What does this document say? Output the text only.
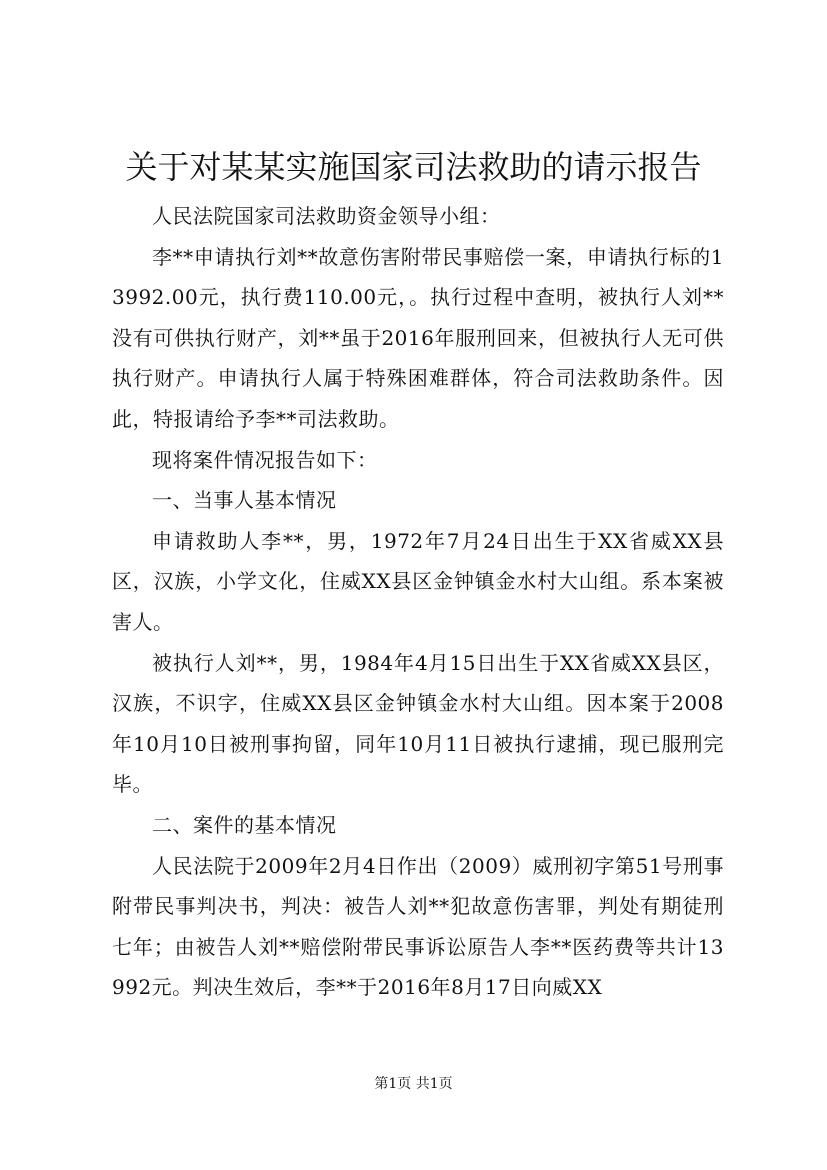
关于对某某实施国家司法救助的请示报告

人民法院国家司法救助资金领导小组：

李**申请执行刘**故意伤害附带民事赔偿一案，申请执行标的13992.00元，执行费110.00元，。执行过程中查明，被执行人刘**没有可供执行财产，刘**虽于2016年服刑回来，但被执行人无可供执行财产。申请执行人属于特殊困难群体，符合司法救助条件。因此，特报请给予李**司法救助。

现将案件情况报告如下：

一、当事人基本情况

申请救助人李**，男，1972年7月24日出生于XX省威XX县区，汉族，小学文化，住威XX县区金钟镇金水村大山组。系本案被害人。

被执行人刘**，男，1984年4月15日出生于XX省威XX县区，汉族，不识字，住威XX县区金钟镇金水村大山组。因本案于2008年10月10日被刑事拘留，同年10月11日被执行逮捕，现已服刑完毕。

二、案件的基本情况

人民法院于2009年2月4日作出（2009）威刑初字第51号刑事附带民事判决书，判决：被告人刘**犯故意伤害罪，判处有期徒刑七年；由被告人刘**赔偿附带民事诉讼原告人李**医药费等共计13992元。判决生效后，李**于2016年8月17日向威XX

第1页 共1页
